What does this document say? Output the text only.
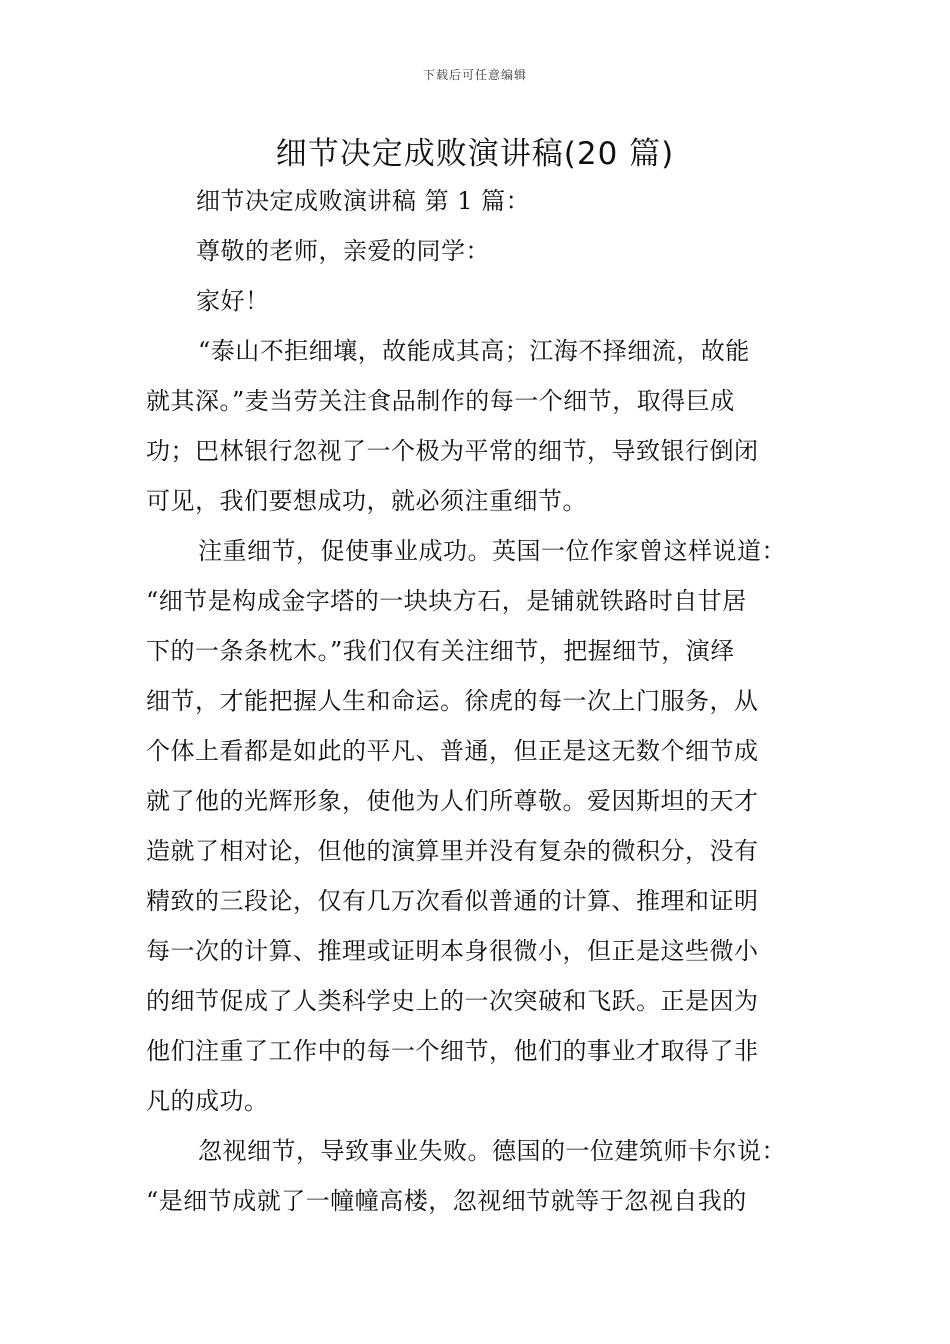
下载后可任意编辑
细节决定成败演讲稿(20 篇)
细节决定成败演讲稿 第 1 篇：
尊敬的老师，亲爱的同学：
家好！
“泰山不拒细壤，故能成其高；江海不择细流，故能
就其深。”麦当劳关注食品制作的每一个细节，取得巨成
功；巴林银行忽视了一个极为平常的细节，导致银行倒闭
可见，我们要想成功，就必须注重细节。
注重细节，促使事业成功。英国一位作家曾这样说道：
“细节是构成金字塔的一块块方石，是铺就铁路时自甘居
下的一条条枕木。”我们仅有关注细节，把握细节，演绎
细节，才能把握人生和命运。徐虎的每一次上门服务，从
个体上看都是如此的平凡、普通，但正是这无数个细节成
就了他的光辉形象，使他为人们所尊敬。爱因斯坦的天才
造就了相对论，但他的演算里并没有复杂的微积分，没有
精致的三段论，仅有几万次看似普通的计算、推理和证明
每一次的计算、推理或证明本身很微小，但正是这些微小
的细节促成了人类科学史上的一次突破和飞跃。正是因为
他们注重了工作中的每一个细节，他们的事业才取得了非
凡的成功。
忽视细节，导致事业失败。德国的一位建筑师卡尔说：
“是细节成就了一幢幢高楼，忽视细节就等于忽视自我的
